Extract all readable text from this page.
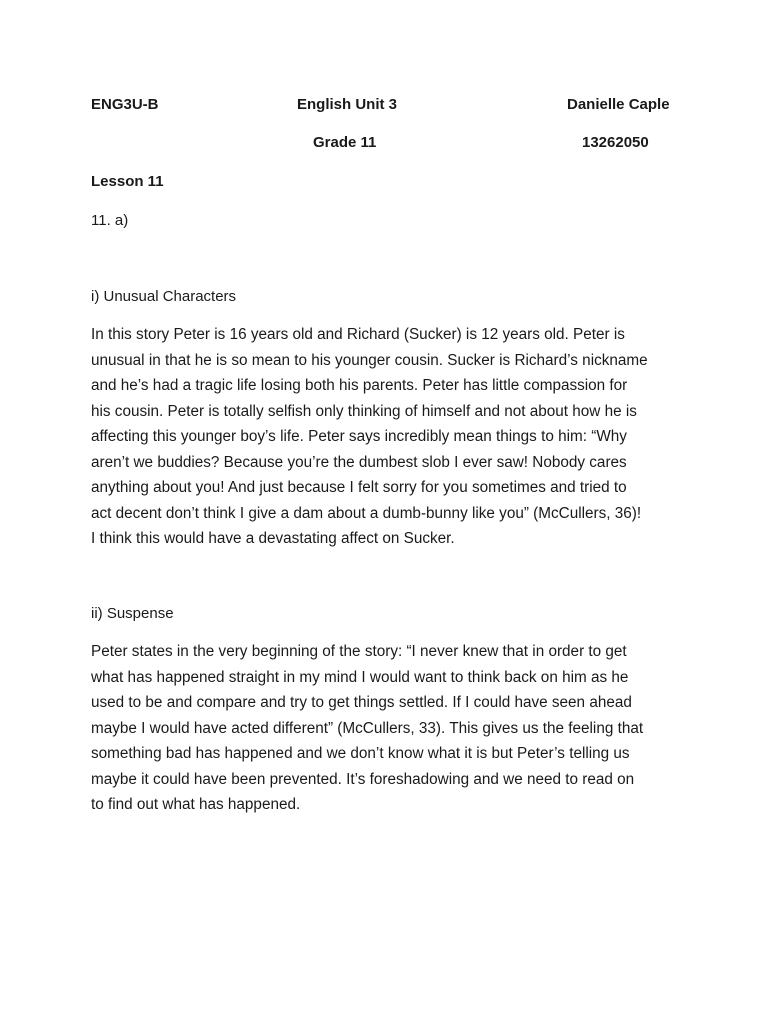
ENG3U-B	English Unit 3	Danielle Caple
Grade 11	13262050
Lesson 11
11. a)
i) Unusual Characters
In this story Peter is 16 years old and Richard (Sucker) is 12 years old. Peter is
unusual in that he is so mean to his younger cousin. Sucker is Richard’s nickname
and he’s had a tragic life losing both his parents. Peter has little compassion for
his cousin. Peter is totally selfish only thinking of himself and not about how he is
affecting this younger boy’s life. Peter says incredibly mean things to him: “Why
aren’t we buddies? Because you’re the dumbest slob I ever saw! Nobody cares
anything about you! And just because I felt sorry for you sometimes and tried to
act decent don’t think I give a dam about a dumb-bunny like you” (McCullers, 36)!
I think this would have a devastating affect on Sucker.
ii) Suspense
Peter states in the very beginning of the story: “I never knew that in order to get
what has happened straight in my mind I would want to think back on him as he
used to be and compare and try to get things settled. If I could have seen ahead
maybe I would have acted different” (McCullers, 33). This gives us the feeling that
something bad has happened and we don’t know what it is but Peter’s telling us
maybe it could have been prevented. It’s foreshadowing and we need to read on
to find out what has happened.
